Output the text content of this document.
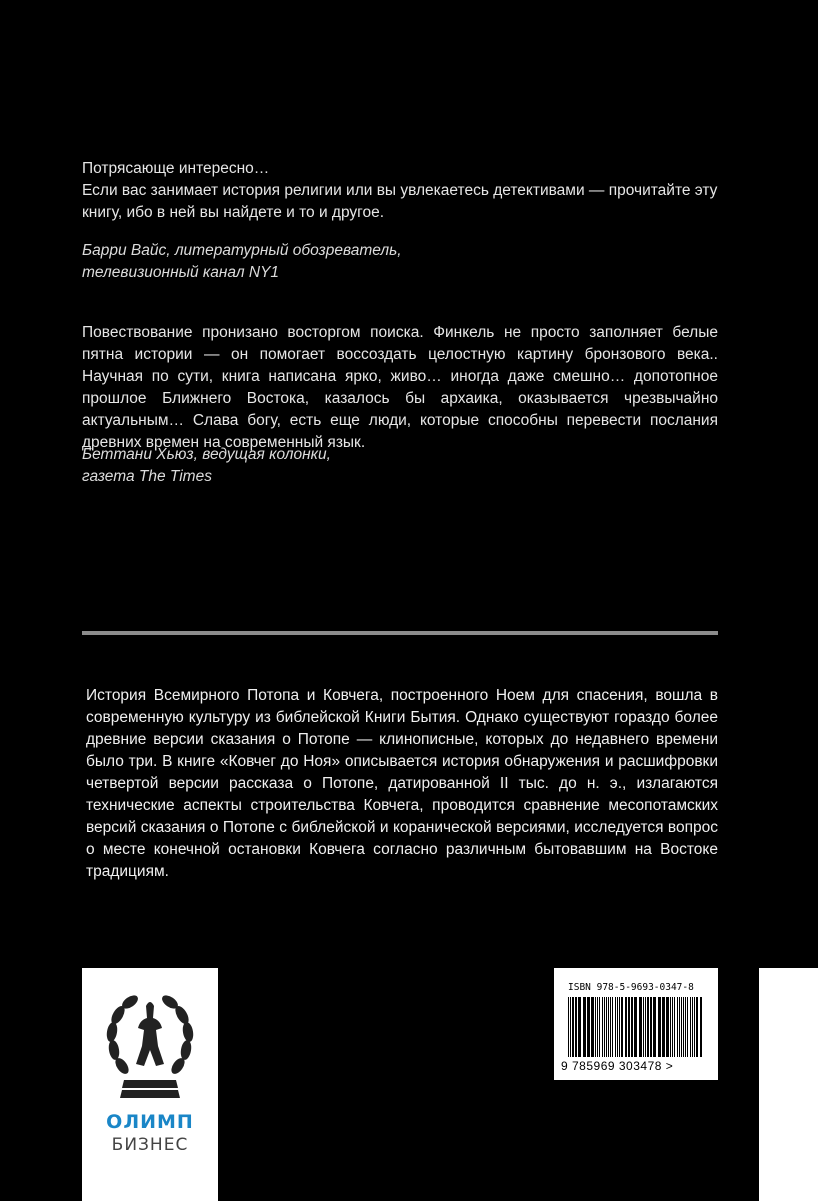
Потрясающе интересно…

Если вас занимает история религии или вы увлекаетесь детективами — прочитайте эту книгу, ибо в ней вы найдете и то и другое.

Барри Вайс, литературный обозреватель,
телевизионный канал NY1

Повествование пронизано восторгом поиска. Финкель не просто заполняет белые пятна истории — он помогает воссоздать целостную картину бронзового века.. Научная по сути, книга написана ярко, живо… иногда даже смешно… допотопное прошлое Ближнего Востока, казалось бы архаика, оказывается чрезвычайно актуальным… Слава богу, есть еще люди, которые способны перевести послания древних времен на современный язык.

Беттани Хьюз, ведущая колонки,
газета The Times

История Всемирного Потопа и Ковчега, построенного Ноем для спасения, вошла в современную культуру из библейской Книги Бытия. Однако существуют гораздо более древние версии сказания о Потопе — клинописные, которых до недавнего времени было три. В книге «Ковчег до Ноя» описывается история обнаружения и расшифровки четвертой версии рассказа о Потопе, датированной II тыс. до н. э., излагаются технические аспекты строительства Ковчега, проводится сравнение месопотамских версий сказания о Потопе с библейской и коранической версиями, исследуется вопрос о месте конечной остановки Ковчега согласно различным бытовавшим на Востоке традициям.

ОЛИМП
БИЗНЕС
ISBN 978-5-9693-0347-8
9 785969 303478 >
